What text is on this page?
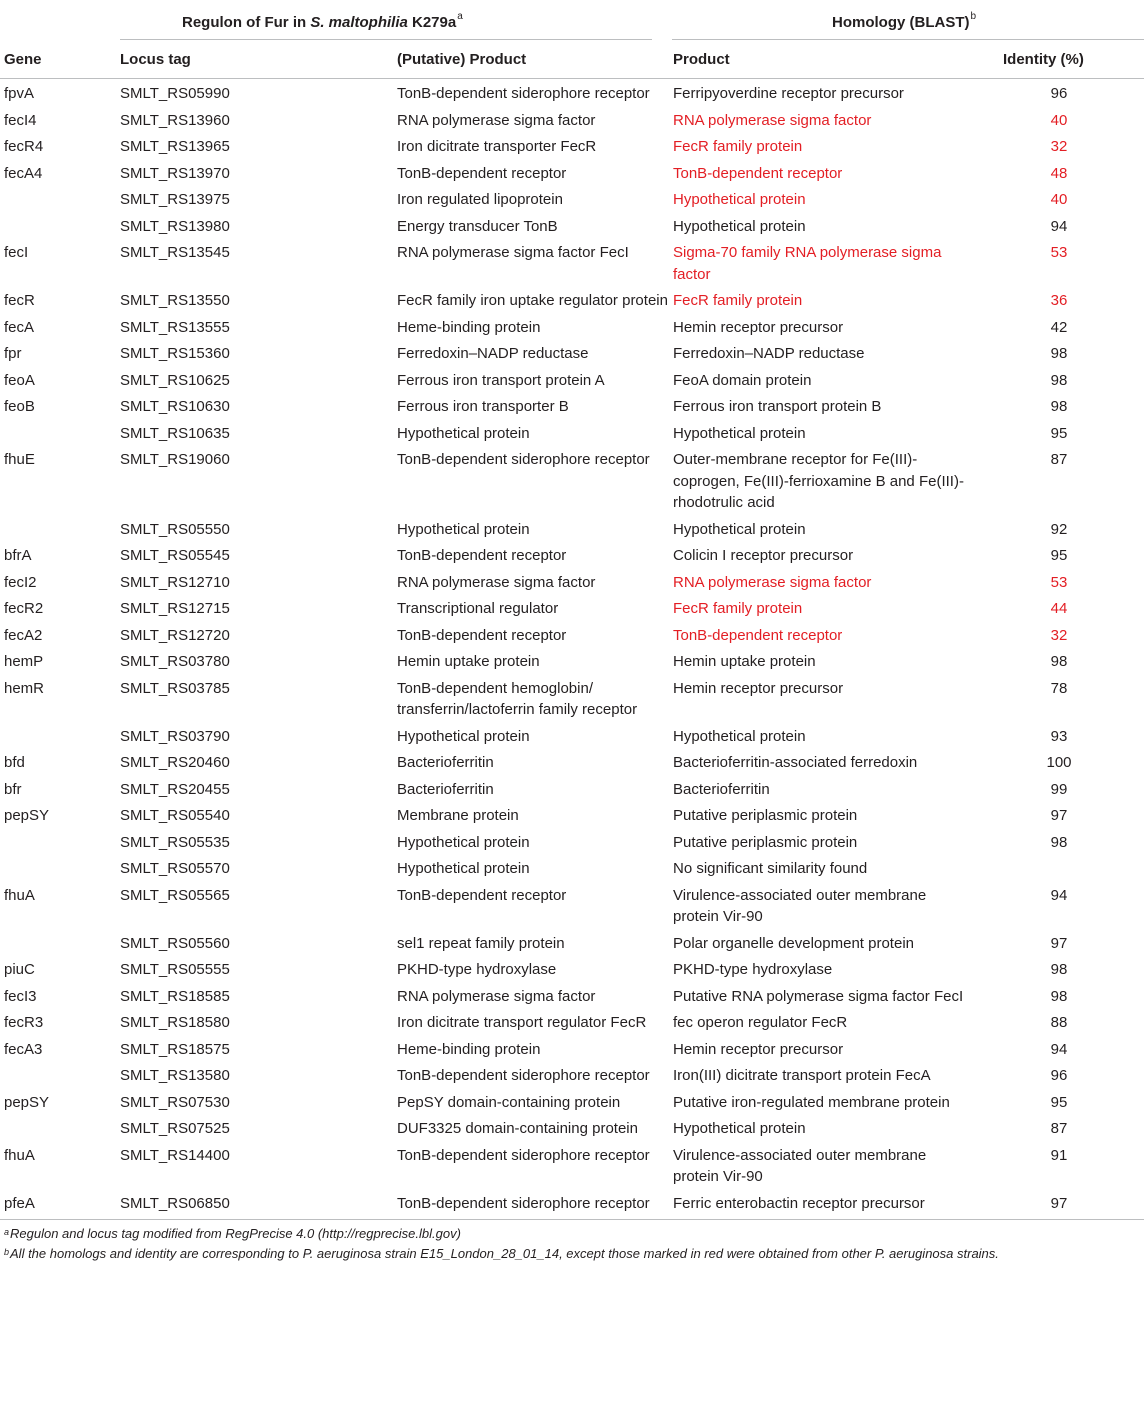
Regulon of Fur in S. maltophilia $K279a^a$	Homology (BLAST)$^b$
Gene	Locus tag	(Putative) Product	Product	Identity (%)
fpvA	SMLT_RS05990	TonB-dependent siderophore receptor	Ferripyoverdine receptor precursor	96
fecI4	SMLT_RS13960	RNA polymerase sigma factor	RNA polymerase sigma factor	40
fecR4	SMLT_RS13965	Iron dicitrate transporter FecR	FecR family protein	32
fecA4	SMLT_RS13970	TonB-dependent receptor	TonB-dependent receptor	48
	SMLT_RS13975	Iron regulated lipoprotein	Hypothetical protein	40
	SMLT_RS13980	Energy transducer TonB	Hypothetical protein	94
fecI	SMLT_RS13545	RNA polymerase sigma factor FecI	Sigma-70 family RNA polymerase sigma factor	53
fecR	SMLT_RS13550	FecR family iron uptake regulator protein	FecR family protein	36
fecA	SMLT_RS13555	Heme-binding protein	Hemin receptor precursor	42
fpr	SMLT_RS15360	Ferredoxin–NADP reductase	Ferredoxin–NADP reductase	98
feoA	SMLT_RS10625	Ferrous iron transport protein A	FeoA domain protein	98
feoB	SMLT_RS10630	Ferrous iron transporter B	Ferrous iron transport protein B	98
	SMLT_RS10635	Hypothetical protein	Hypothetical protein	95
fhuE	SMLT_RS19060	TonB-dependent siderophore receptor	Outer-membrane receptor for Fe(III)-coprogen, Fe(III)-ferrioxamine B and Fe(III)-rhodotrulic acid	87
	SMLT_RS05550	Hypothetical protein	Hypothetical protein	92
bfrA	SMLT_RS05545	TonB-dependent receptor	Colicin I receptor precursor	95
fecI2	SMLT_RS12710	RNA polymerase sigma factor	RNA polymerase sigma factor	53
fecR2	SMLT_RS12715	Transcriptional regulator	FecR family protein	44
fecA2	SMLT_RS12720	TonB-dependent receptor	TonB-dependent receptor	32
hemP	SMLT_RS03780	Hemin uptake protein	Hemin uptake protein	98
hemR	SMLT_RS03785	TonB-dependent hemoglobin/ transferrin/lactoferrin family receptor	Hemin receptor precursor	78
	SMLT_RS03790	Hypothetical protein	Hypothetical protein	93
bfd	SMLT_RS20460	Bacterioferritin	Bacterioferritin-associated ferredoxin	100
bfr	SMLT_RS20455	Bacterioferritin	Bacterioferritin	99
pepSY	SMLT_RS05540	Membrane protein	Putative periplasmic protein	97
	SMLT_RS05535	Hypothetical protein	Putative periplasmic protein	98
	SMLT_RS05570	Hypothetical protein	No significant similarity found	
fhuA	SMLT_RS05565	TonB-dependent receptor	Virulence-associated outer membrane protein Vir-90	94
	SMLT_RS05560	sel1 repeat family protein	Polar organelle development protein	97
piuC	SMLT_RS05555	PKHD-type hydroxylase	PKHD-type hydroxylase	98
fecI3	SMLT_RS18585	RNA polymerase sigma factor	Putative RNA polymerase sigma factor FecI	98
fecR3	SMLT_RS18580	Iron dicitrate transport regulator FecR	fec operon regulator FecR	88
fecA3	SMLT_RS18575	Heme-binding protein	Hemin receptor precursor	94
	SMLT_RS13580	TonB-dependent siderophore receptor	Iron(III) dicitrate transport protein FecA	96
pepSY	SMLT_RS07530	PepSY domain-containing protein	Putative iron-regulated membrane protein	95
	SMLT_RS07525	DUF3325 domain-containing protein	Hypothetical protein	87
fhuA	SMLT_RS14400	TonB-dependent siderophore receptor	Virulence-associated outer membrane protein Vir-90	91
pfeA	SMLT_RS06850	TonB-dependent siderophore receptor	Ferric enterobactin receptor precursor	97
$^a$Regulon and locus tag modified from RegPrecise 4.0 (http://regprecise.lbl.gov)
$^b$All the homologs and identity are corresponding to P. aeruginosa strain E15_London_28_01_14, except those marked in red were obtained from other P. aeruginosa strains.
